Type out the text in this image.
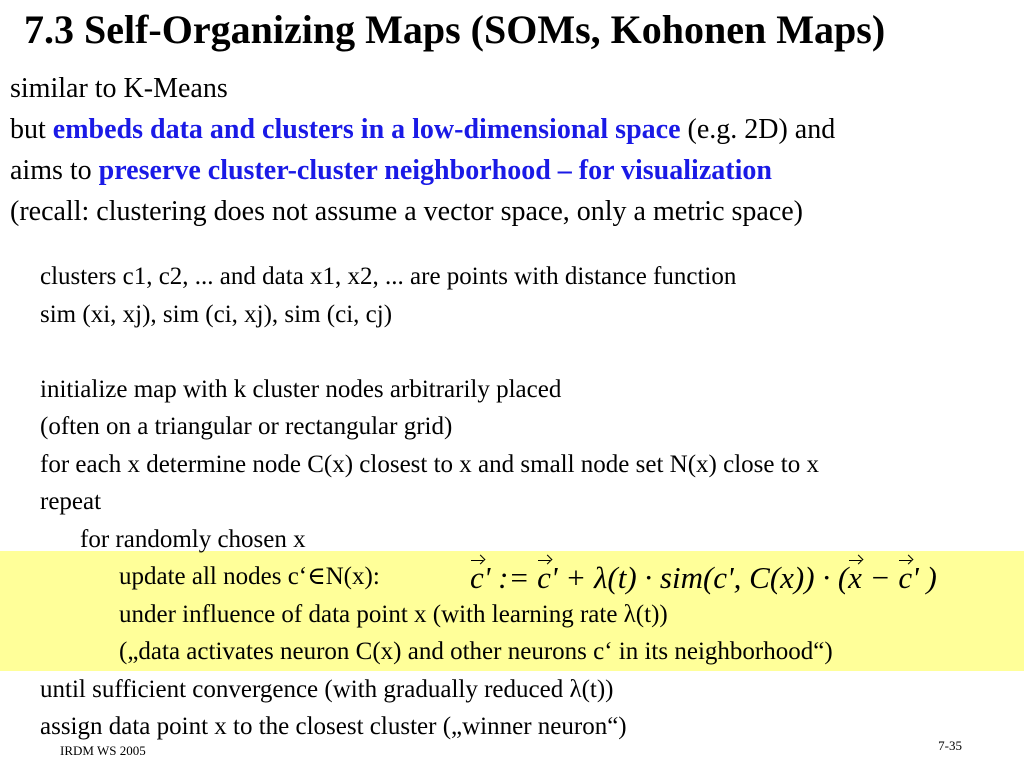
7.3 Self-Organizing Maps (SOMs, Kohonen Maps)
similar to K-Means
but embeds data and clusters in a low-dimensional space (e.g. 2D) and
aims to preserve cluster-cluster neighborhood – for visualization
(recall: clustering does not assume a vector space, only a metric space)
clusters c1, c2, ... and data x1, x2, ... are points with distance function
sim (xi, xj), sim (ci, xj), sim (ci, cj)
initialize map with k cluster nodes arbitrarily placed
(often on a triangular or rectangular grid)
for each x determine node C(x) closest to x and small node set N(x) close to x
repeat
for randomly chosen x
update all nodes c‘∈N(x):
under influence of data point x (with learning rate λ(t))
(„data activates neuron C(x) and other neurons c‘ in its neighborhood“)
until sufficient convergence (with gradually reduced λ(t))
assign data point x to the closest cluster („winner neuron“)
c' := c' + λ(t) · sim(c', C(x)) · (x − c' )
IRDM WS 2005	7-35
